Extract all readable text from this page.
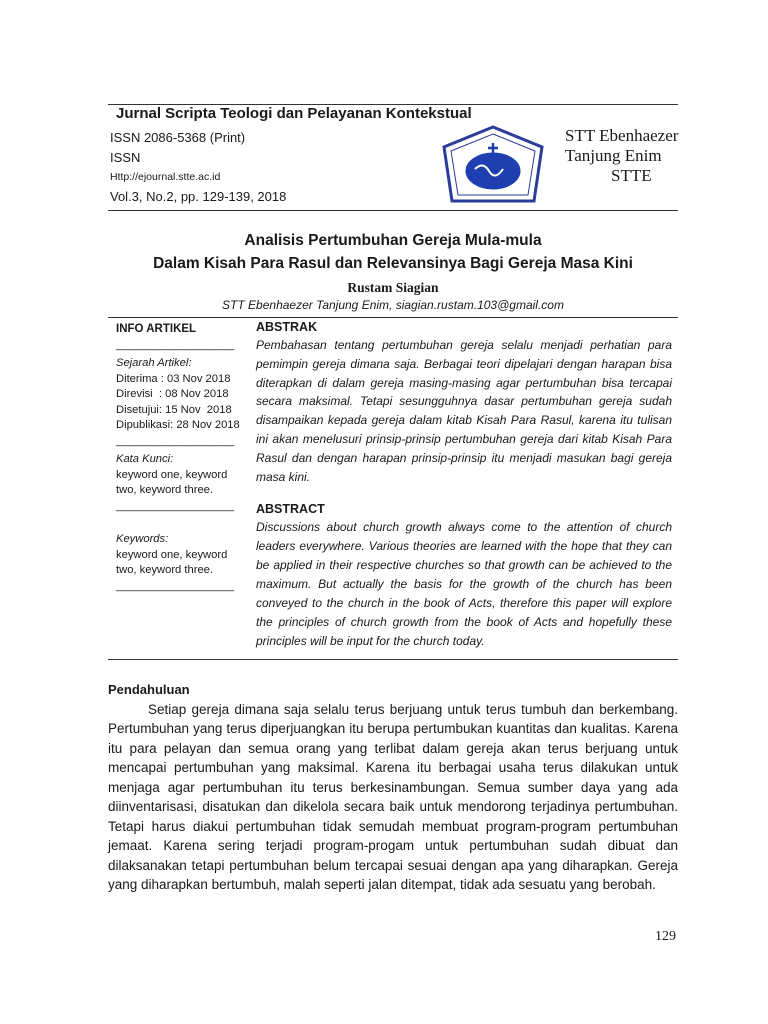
Jurnal Scripta Teologi dan Pelayanan Kontekstual
ISSN 2086-5368 (Print)
ISSN
Http://ejournal.stte.ac.id
Vol.3, No.2, pp. 129-139, 2018
STT Ebenhaezer
Tanjung Enim
STTE
Analisis Pertumbuhan Gereja Mula-mula
Dalam Kisah Para Rasul dan Relevansinya Bagi Gereja Masa Kini
Rustam Siagian
STT Ebenhaezer Tanjung Enim, siagian.rustam.103@gmail.com
INFO ARTIKEL
___________________
Sejarah Artikel:
Diterima : 03 Nov 2018
Direvisi  : 08 Nov 2018
Disetujui: 15 Nov  2018
Dipublikasi: 28 Nov 2018
___________________
Kata Kunci:
keyword one, keyword two, keyword three.
___________________
Keywords:
keyword one, keyword two, keyword three.
___________________
ABSTRAK
Pembahasan tentang pertumbuhan gereja selalu menjadi perhatian para pemimpin gereja dimana saja. Berbagai teori dipelajari dengan harapan bisa diterapkan di dalam gereja masing-masing agar pertumbuhan bisa tercapai secara maksimal. Tetapi sesungguhnya dasar pertumbuhan gereja sudah disampaikan kepada gereja dalam kitab Kisah Para Rasul, karena itu tulisan ini akan menelusuri prinsip-prinsip pertumbuhan gereja dari kitab Kisah Para Rasul dan dengan harapan prinsip-prinsip itu menjadi masukan bagi gereja masa kini.
ABSTRACT
Discussions about church growth always come to the attention of church leaders everywhere. Various theories are learned with the hope that they can be applied in their respective churches so that growth can be achieved to the maximum. But actually the basis for the growth of the church has been conveyed to the church in the book of Acts, therefore this paper will explore the principles of church growth from the book of Acts and hopefully these principles will be input for the church today.
Pendahuluan
Setiap gereja dimana saja selalu terus berjuang untuk terus tumbuh dan berkembang. Pertumbuhan yang terus diperjuangkan itu berupa pertumbukan kuantitas dan kualitas. Karena itu para pelayan dan semua orang yang terlibat dalam gereja akan terus berjuang untuk mencapai pertumbuhan yang maksimal. Karena itu berbagai usaha terus dilakukan untuk menjaga agar pertumbuhan itu terus berkesinambungan. Semua sumber daya yang ada diinventarisasi, disatukan dan dikelola secara baik untuk mendorong terjadinya pertumbuhan. Tetapi harus diakui pertumbuhan tidak semudah membuat program-program pertumbuhan jemaat. Karena sering terjadi program-progam untuk pertumbuhan sudah dibuat dan dilaksanakan tetapi pertumbuhan belum tercapai sesuai dengan apa yang diharapkan. Gereja yang diharapkan bertumbuh, malah seperti jalan ditempat, tidak ada sesuatu yang berobah.
129
